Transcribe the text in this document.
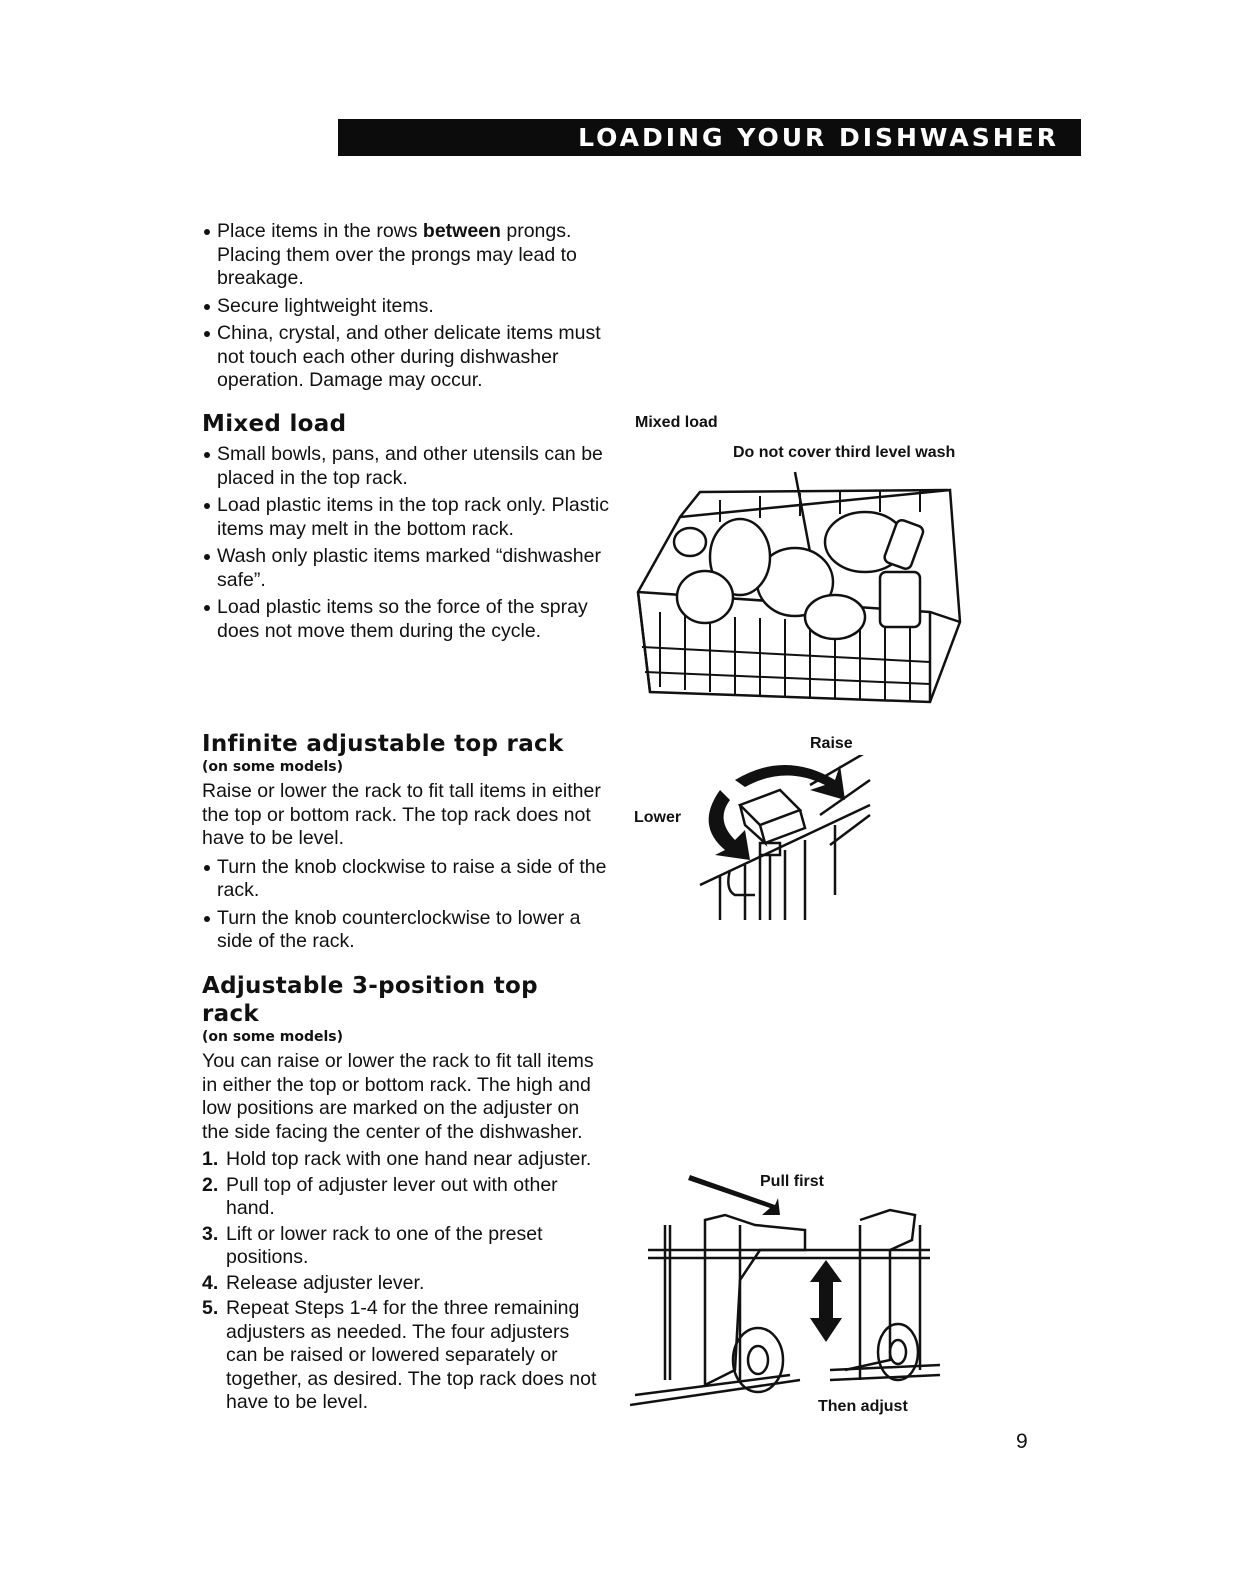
LOADING YOUR DISHWASHER
Place items in the rows between prongs. Placing them over the prongs may lead to breakage.
Secure lightweight items.
China, crystal, and other delicate items must not touch each other during dishwasher operation. Damage may occur.
Mixed load
Small bowls, pans, and other utensils can be placed in the top rack.
Load plastic items in the top rack only. Plastic items may melt in the bottom rack.
Wash only plastic items marked “dishwasher safe”.
Load plastic items so the force of the spray does not move them during the cycle.
Mixed load
Do not cover third level wash
Infinite adjustable top rack
(on some models)

Raise or lower the rack to fit tall items in either the top or bottom rack. The top rack does not have to be level.

Turn the knob clockwise to raise a side of the rack.
Turn the knob counterclockwise to lower a side of the rack.
Raise
Lower
Adjustable 3-position top rack
(on some models)

You can raise or lower the rack to fit tall items in either the top or bottom rack. The high and low positions are marked on the adjuster on the side facing the center of the dishwasher.

1. Hold top rack with one hand near adjuster.
2. Pull top of adjuster lever out with other hand.
3. Lift or lower rack to one of the preset positions.
4. Release adjuster lever.
5. Repeat Steps 1-4 for the three remaining adjusters as needed. The four adjusters can be raised or lowered separately or together, as desired. The top rack does not have to be level.
Pull first
Then adjust
9
